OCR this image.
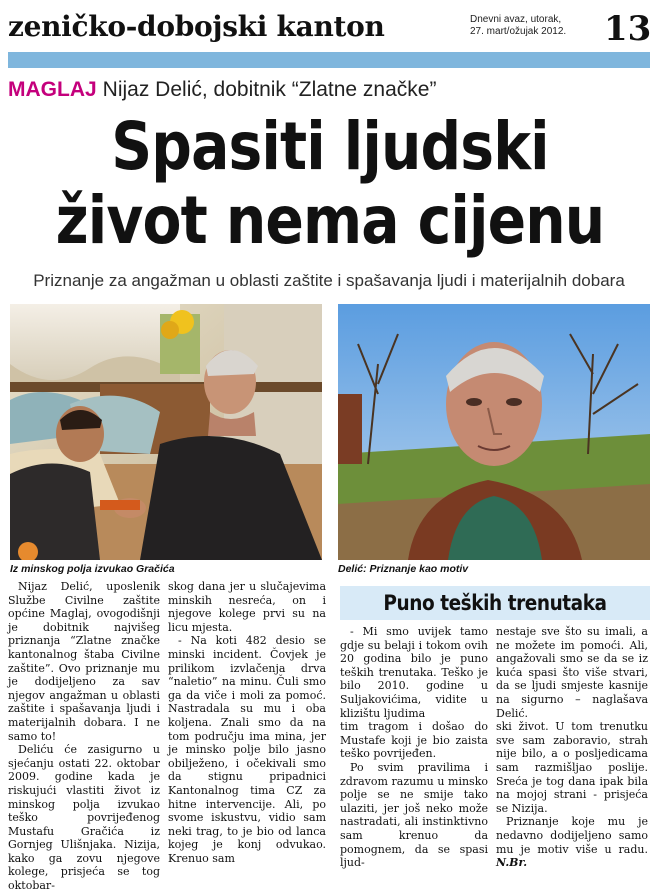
zeničko-dobojski kanton	Dnevni avaz, utorak,
27. mart/ožujak 2012. 13
MAGLAJ Nijaz Delić, dobitnik “Zlatne značke”
Spasiti ljudski
život nema cijenu
Priznanje za angažman u oblasti zaštite i spašavanja ljudi i materijalnih dobara
Iz minskog polja izvukao Gračića	Delić: Priznanje kao motiv

Nijaz Delić, uposlenik Službe Civilne zaštite općine Maglaj, ovogodišnji je dobitnik najvišeg priznanja “Zlatne značke kantonalnog štaba Civilne zaštite”. Ovo priznanje mu je dodijeljeno za sav njegov angažman u oblasti zaštite i spašavanja ljudi i materijalnih dobara. I ne samo to!

Deliću će zasigurno u sjećanju ostati 22. oktobar 2009. godine kada je riskujući vlastiti život iz minskog polja izvukao teško povrijeđenog Mustafu Gračića iz Gornjeg Ulišnjaka. Nizija, kako ga zovu njegove kolege, prisjeća se tog oktobar-

skog dana jer u slučajevima minskih nesreća, on i njegove kolege prvi su na licu mjesta.

- Na koti 482 desio se minski incident. Čovjek je prilikom izvlačenja drva “naletio” na minu. Čuli smo ga da viče i moli za pomoć. Nastradala su mu i oba koljena. Znali smo da na tom području ima mina, jer je minsko polje bilo jasno obilježeno, i očekivali smo da stignu pripadnici Kantonalnog tima CZ za hitne intervencije. Ali, po svome iskustvu, vidio sam neki trag, to je bio od lanca kojeg je konj odvukao. Krenuo sam

Puno teških trenutaka

- Mi smo uvijek tamo gdje su belaji i tokom ovih 20 godina bilo je puno teških trenutaka. Teško je bilo 2010. godine u Suljakovićima, vidite u klizištu ljudima

tim tragom i došao do Mustafe koji je bio zaista teško povrijeđen.

Po svim pravilima i zdravom razumu u minsko polje se ne smije tako ulaziti, jer još neko može nastradati, ali instinktivno sam krenuo da pomognem, da se spasi ljud-

nestaje sve što su imali, a ne možete im pomoći. Ali, angažovali smo se da se iz kuća spasi što više stvari, da se ljudi smjeste kasnije na sigurno – naglašava Delić.

ski život. U tom trenutku sve sam zaboravio, strah nije bilo, a o posljedicama sam razmišljao poslije. Sreća je tog dana ipak bila na mojoj strani - prisjeća se Nizija.

Priznanje koje mu je nedavno dodijeljeno samo mu je motiv više u radu. N.Br.
